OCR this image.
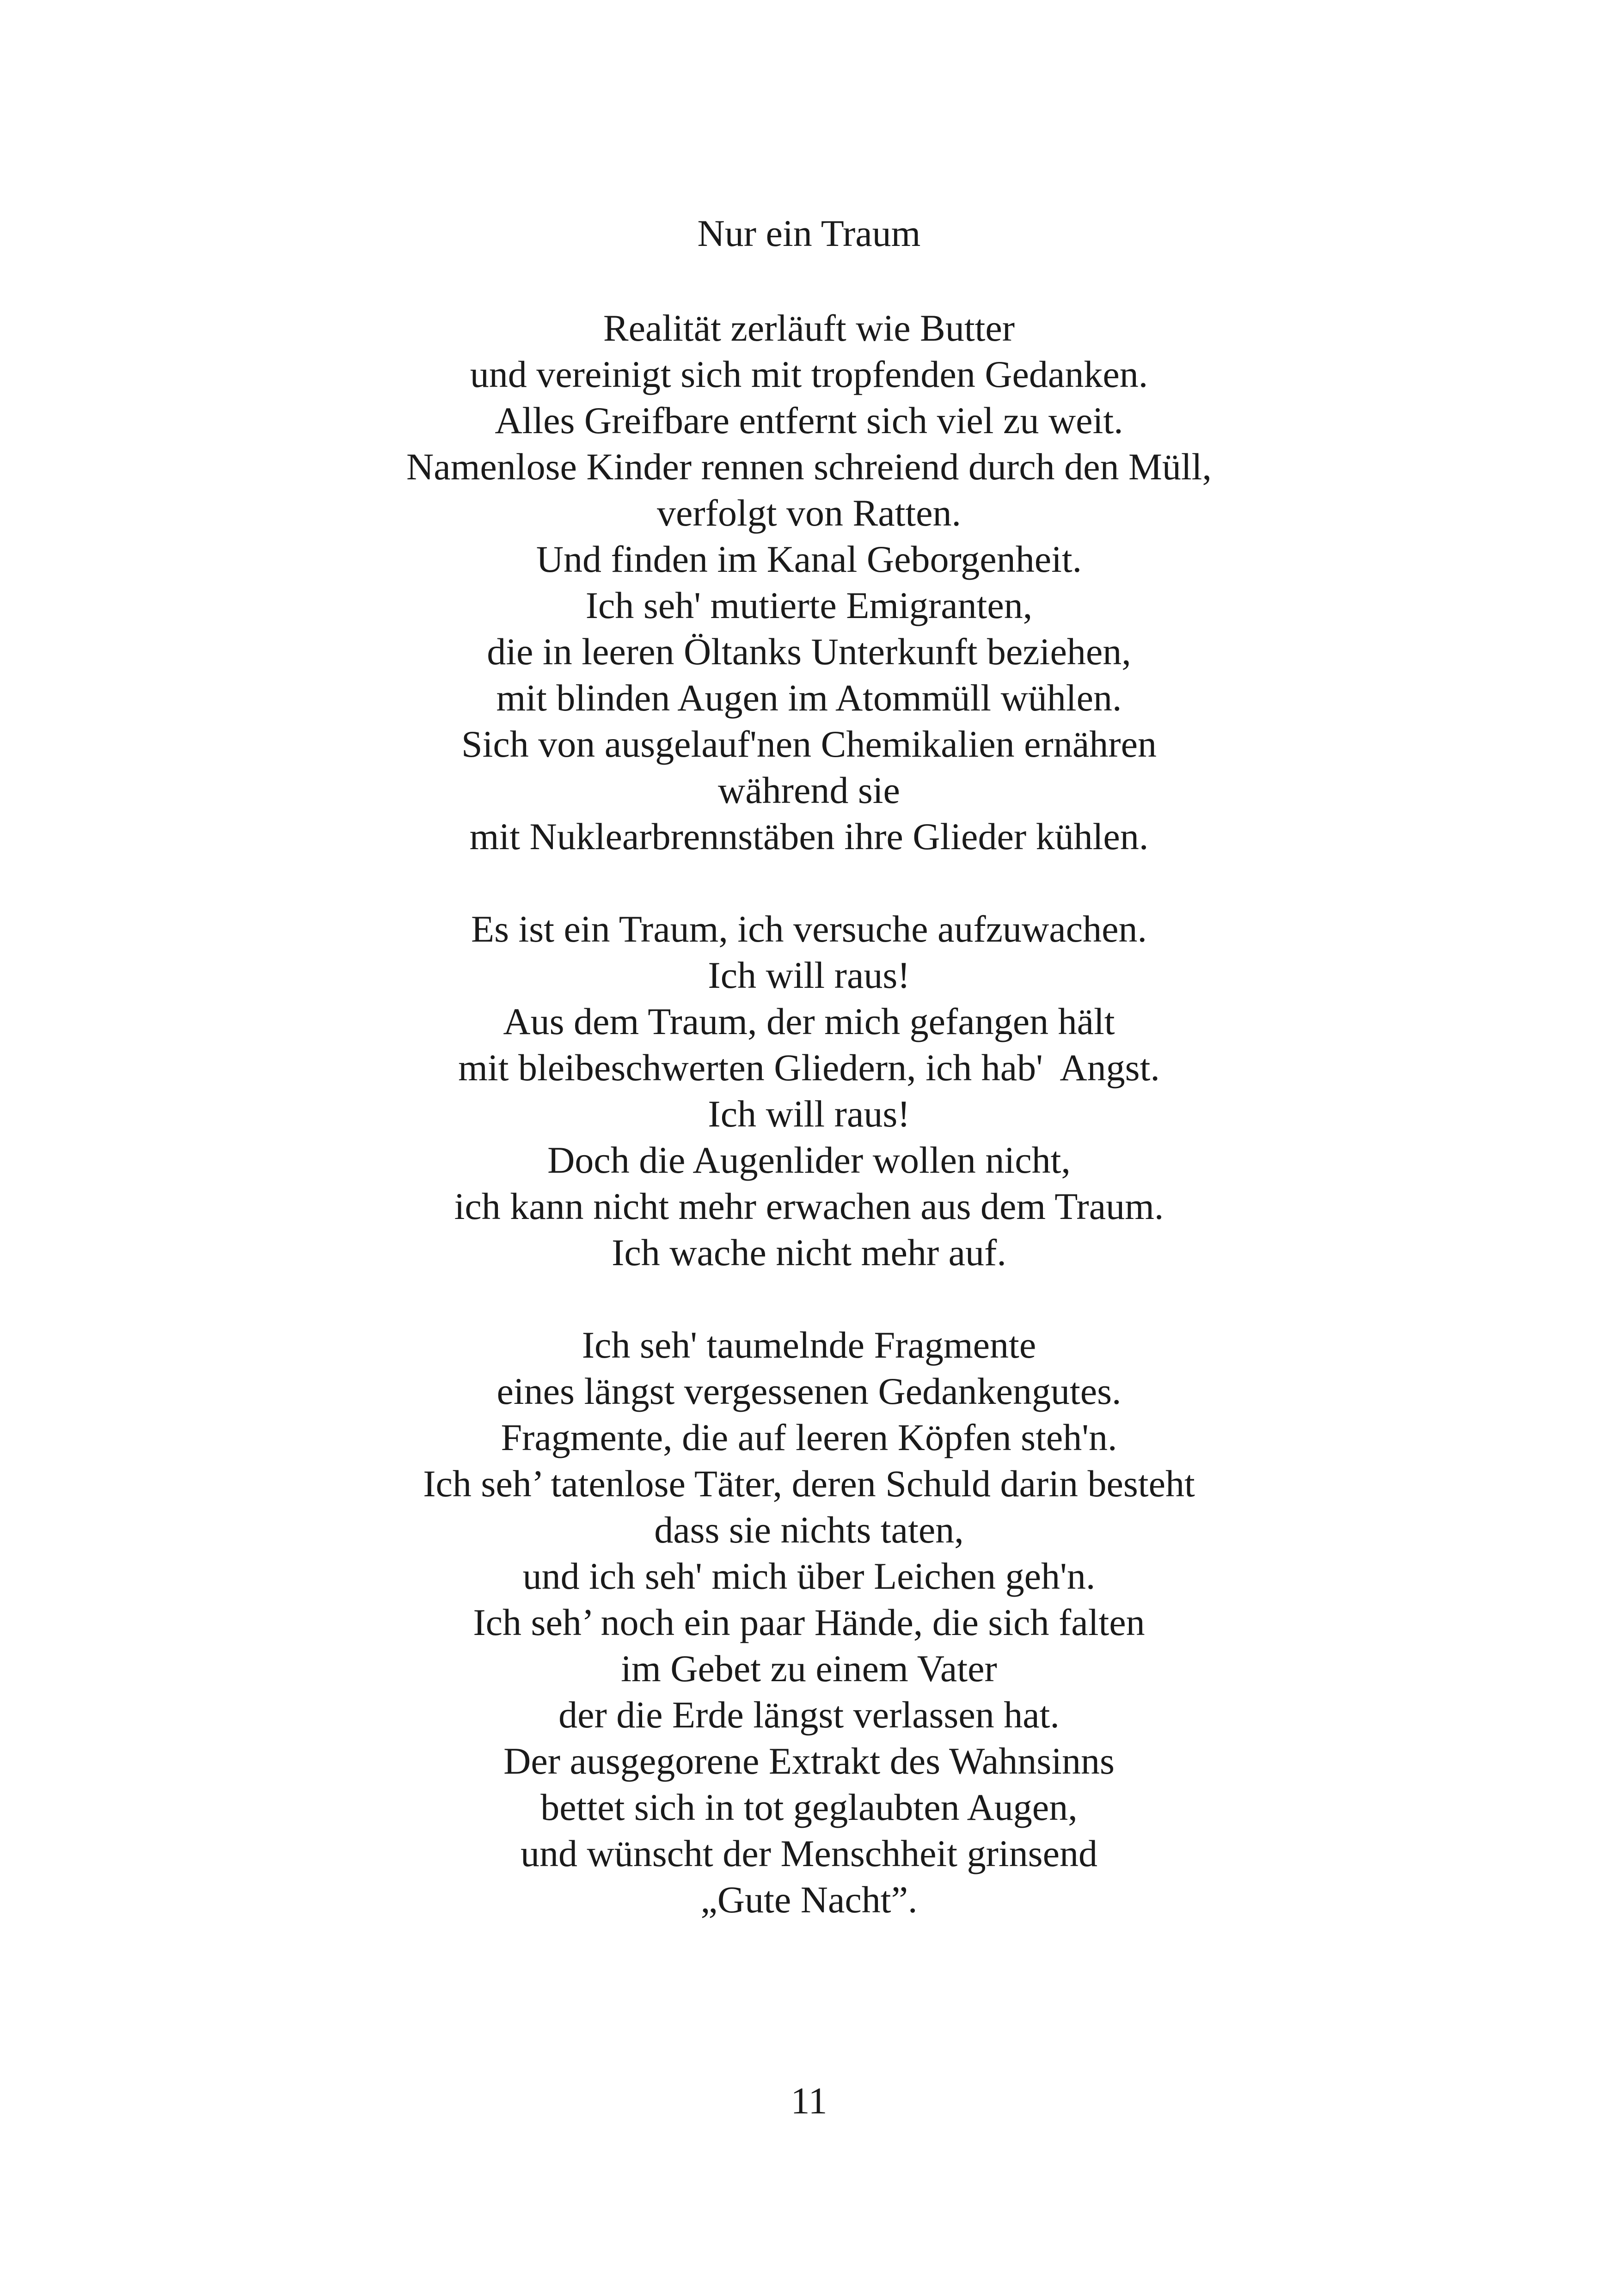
Nur ein Traum
Realität zerläuft wie Butter
und vereinigt sich mit tropfenden Gedanken.
Alles Greifbare entfernt sich viel zu weit.
Namenlose Kinder rennen schreiend durch den Müll,
verfolgt von Ratten.
Und finden im Kanal Geborgenheit.
Ich seh' mutierte Emigranten,
die in leeren Öltanks Unterkunft beziehen,
mit blinden Augen im Atommüll wühlen.
Sich von ausgelauf'nen Chemikalien ernähren
während sie
mit Nuklearbrennstäben ihre Glieder kühlen.
Es ist ein Traum, ich versuche aufzuwachen.
Ich will raus!
Aus dem Traum, der mich gefangen hält
mit bleibeschwerten Gliedern, ich hab'  Angst.
Ich will raus!
Doch die Augenlider wollen nicht,
ich kann nicht mehr erwachen aus dem Traum.
Ich wache nicht mehr auf.
Ich seh' taumelnde Fragmente
eines längst vergessenen Gedankengutes.
Fragmente, die auf leeren Köpfen steh'n.
Ich seh’ tatenlose Täter, deren Schuld darin besteht
dass sie nichts taten,
und ich seh' mich über Leichen geh'n.
Ich seh’ noch ein paar Hände, die sich falten
im Gebet zu einem Vater
der die Erde längst verlassen hat.
Der ausgegorene Extrakt des Wahnsinns
bettet sich in tot geglaubten Augen,
und wünscht der Menschheit grinsend
„Gute Nacht”.
11
